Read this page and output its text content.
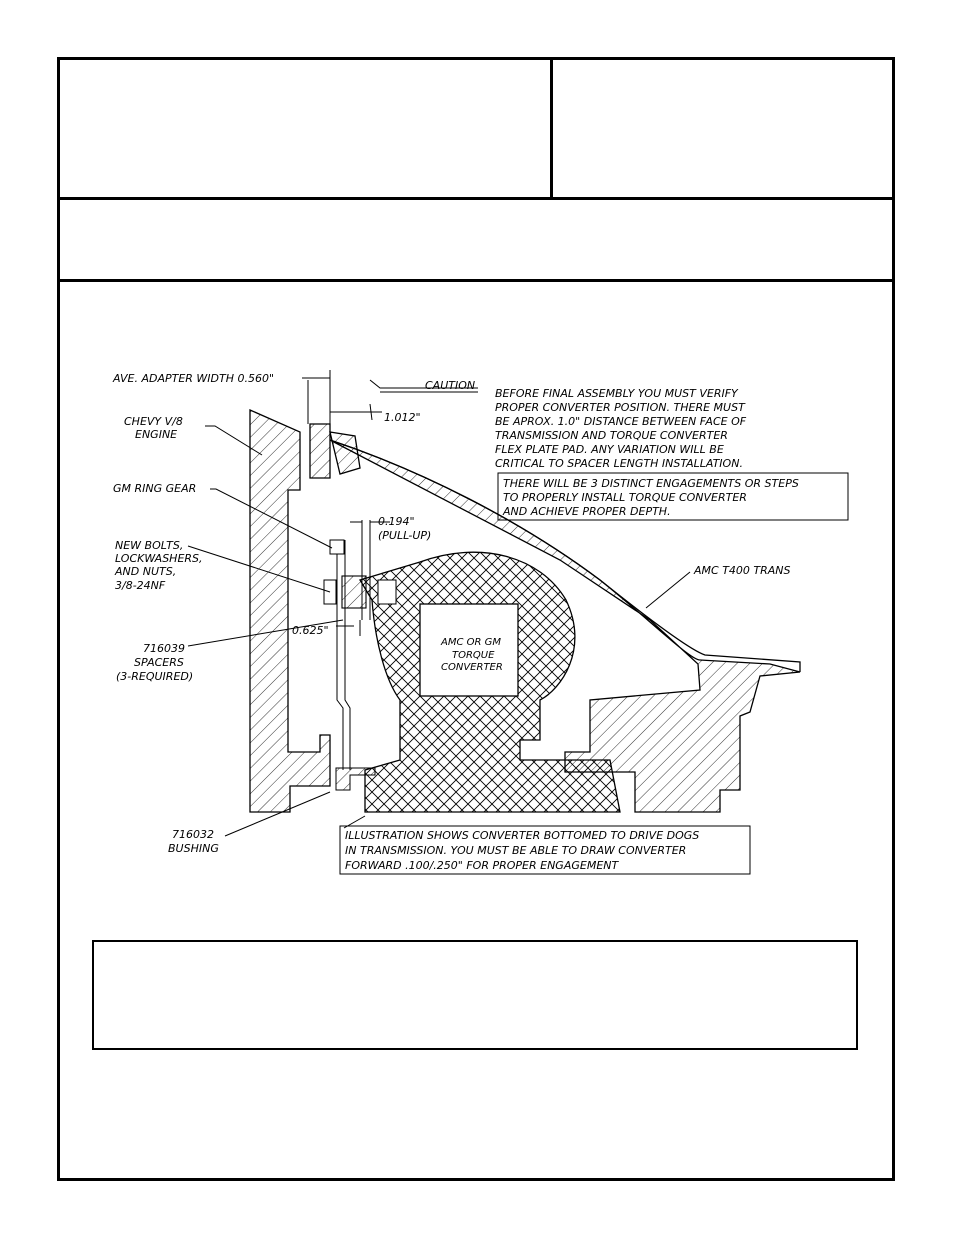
AVE. ADAPTER WIDTH 0.560"
CAUTION
1.012"
CHEVY V/8
ENGINE
GM RING GEAR
0.194"
(PULL-UP)
NEW BOLTS,
LOCKWASHERS,
AND NUTS,
3/8-24NF
0.625"
716039
SPACERS
(3-REQUIRED)
716032
BUSHING
AMC T400 TRANS
AMC OR GM
TORQUE
CONVERTER
BEFORE FINAL ASSEMBLY YOU MUST VERIFY
PROPER CONVERTER POSITION. THERE MUST
BE APROX. 1.0" DISTANCE BETWEEN FACE OF
TRANSMISSION AND TORQUE CONVERTER
FLEX PLATE PAD. ANY VARIATION WILL BE
CRITICAL TO SPACER LENGTH INSTALLATION.
THERE WILL BE 3 DISTINCT ENGAGEMENTS OR STEPS
TO PROPERLY INSTALL TORQUE CONVERTER
AND ACHIEVE PROPER DEPTH.
ILLUSTRATION SHOWS CONVERTER BOTTOMED TO DRIVE DOGS
IN TRANSMISSION. YOU MUST BE ABLE TO DRAW CONVERTER
FORWARD .100/.250" FOR PROPER ENGAGEMENT
